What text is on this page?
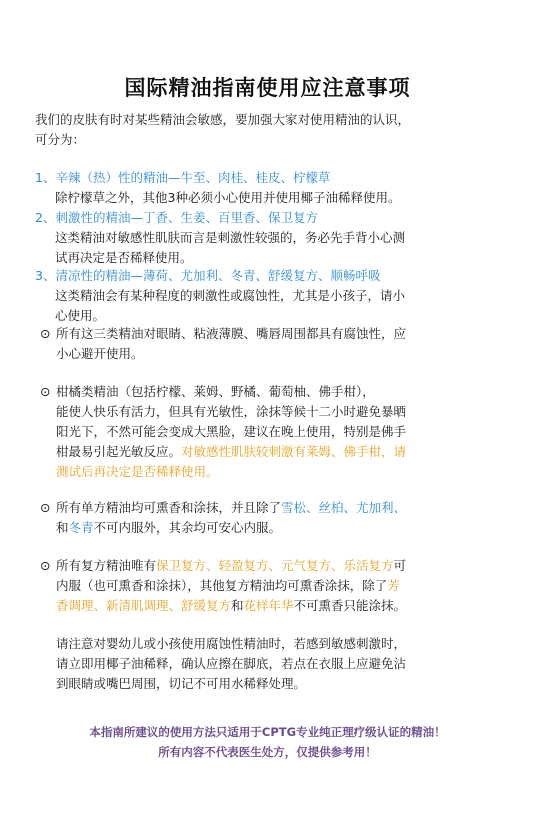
国际精油指南使用应注意事项
我们的皮肤有时对某些精油会敏感，要加强大家对使用精油的认识，
可分为：
1、辛辣（热）性的精油—牛至、肉桂、桂皮、柠檬草
除柠檬草之外，其他3种必须小心使用并使用椰子油稀释使用。
2、刺激性的精油—丁香、生姜、百里香、保卫复方
这类精油对敏感性肌肤而言是刺激性较强的，务必先手背小心测
试再决定是否稀释使用。
3、清凉性的精油—薄荷、尤加利、冬青、舒缓复方、顺畅呼吸
这类精油会有某种程度的刺激性或腐蚀性，尤其是小孩子，请小
心使用。
⊙ 所有这三类精油对眼睛、粘液薄膜、嘴唇周围都具有腐蚀性，应
小心避开使用。
⊙ 柑橘类精油（包括柠檬、莱姆、野橘、葡萄柚、佛手柑），
能使人快乐有活力，但具有光敏性，涂抹等候十二小时避免暴晒
阳光下，不然可能会变成大黑脸，建议在晚上使用，特别是佛手
柑最易引起光敏反应。对敏感性肌肤较刺激有莱姆、佛手柑，请
测试后再决定是否稀释使用。
⊙ 所有单方精油均可熏香和涂抹，并且除了雪松、丝柏、尤加利、
和冬青不可内服外，其余均可安心内服。
⊙ 所有复方精油唯有保卫复方、轻盈复方、元气复方、乐活复方可
内服（也可熏香和涂抹），其他复方精油均可熏香涂抹，除了芳
香调理、新清肌调理、舒缓复方和花样年华不可熏香只能涂抹。
请注意对婴幼儿或小孩使用腐蚀性精油时，若感到敏感刺激时，
请立即用椰子油稀释，确认应擦在脚底，若点在衣服上应避免沾
到眼睛或嘴巴周围，切记不可用水稀释处理。
本指南所建议的使用方法只适用于CPTG专业纯正理疗级认证的精油！
所有内容不代表医生处方，仅提供参考用！
